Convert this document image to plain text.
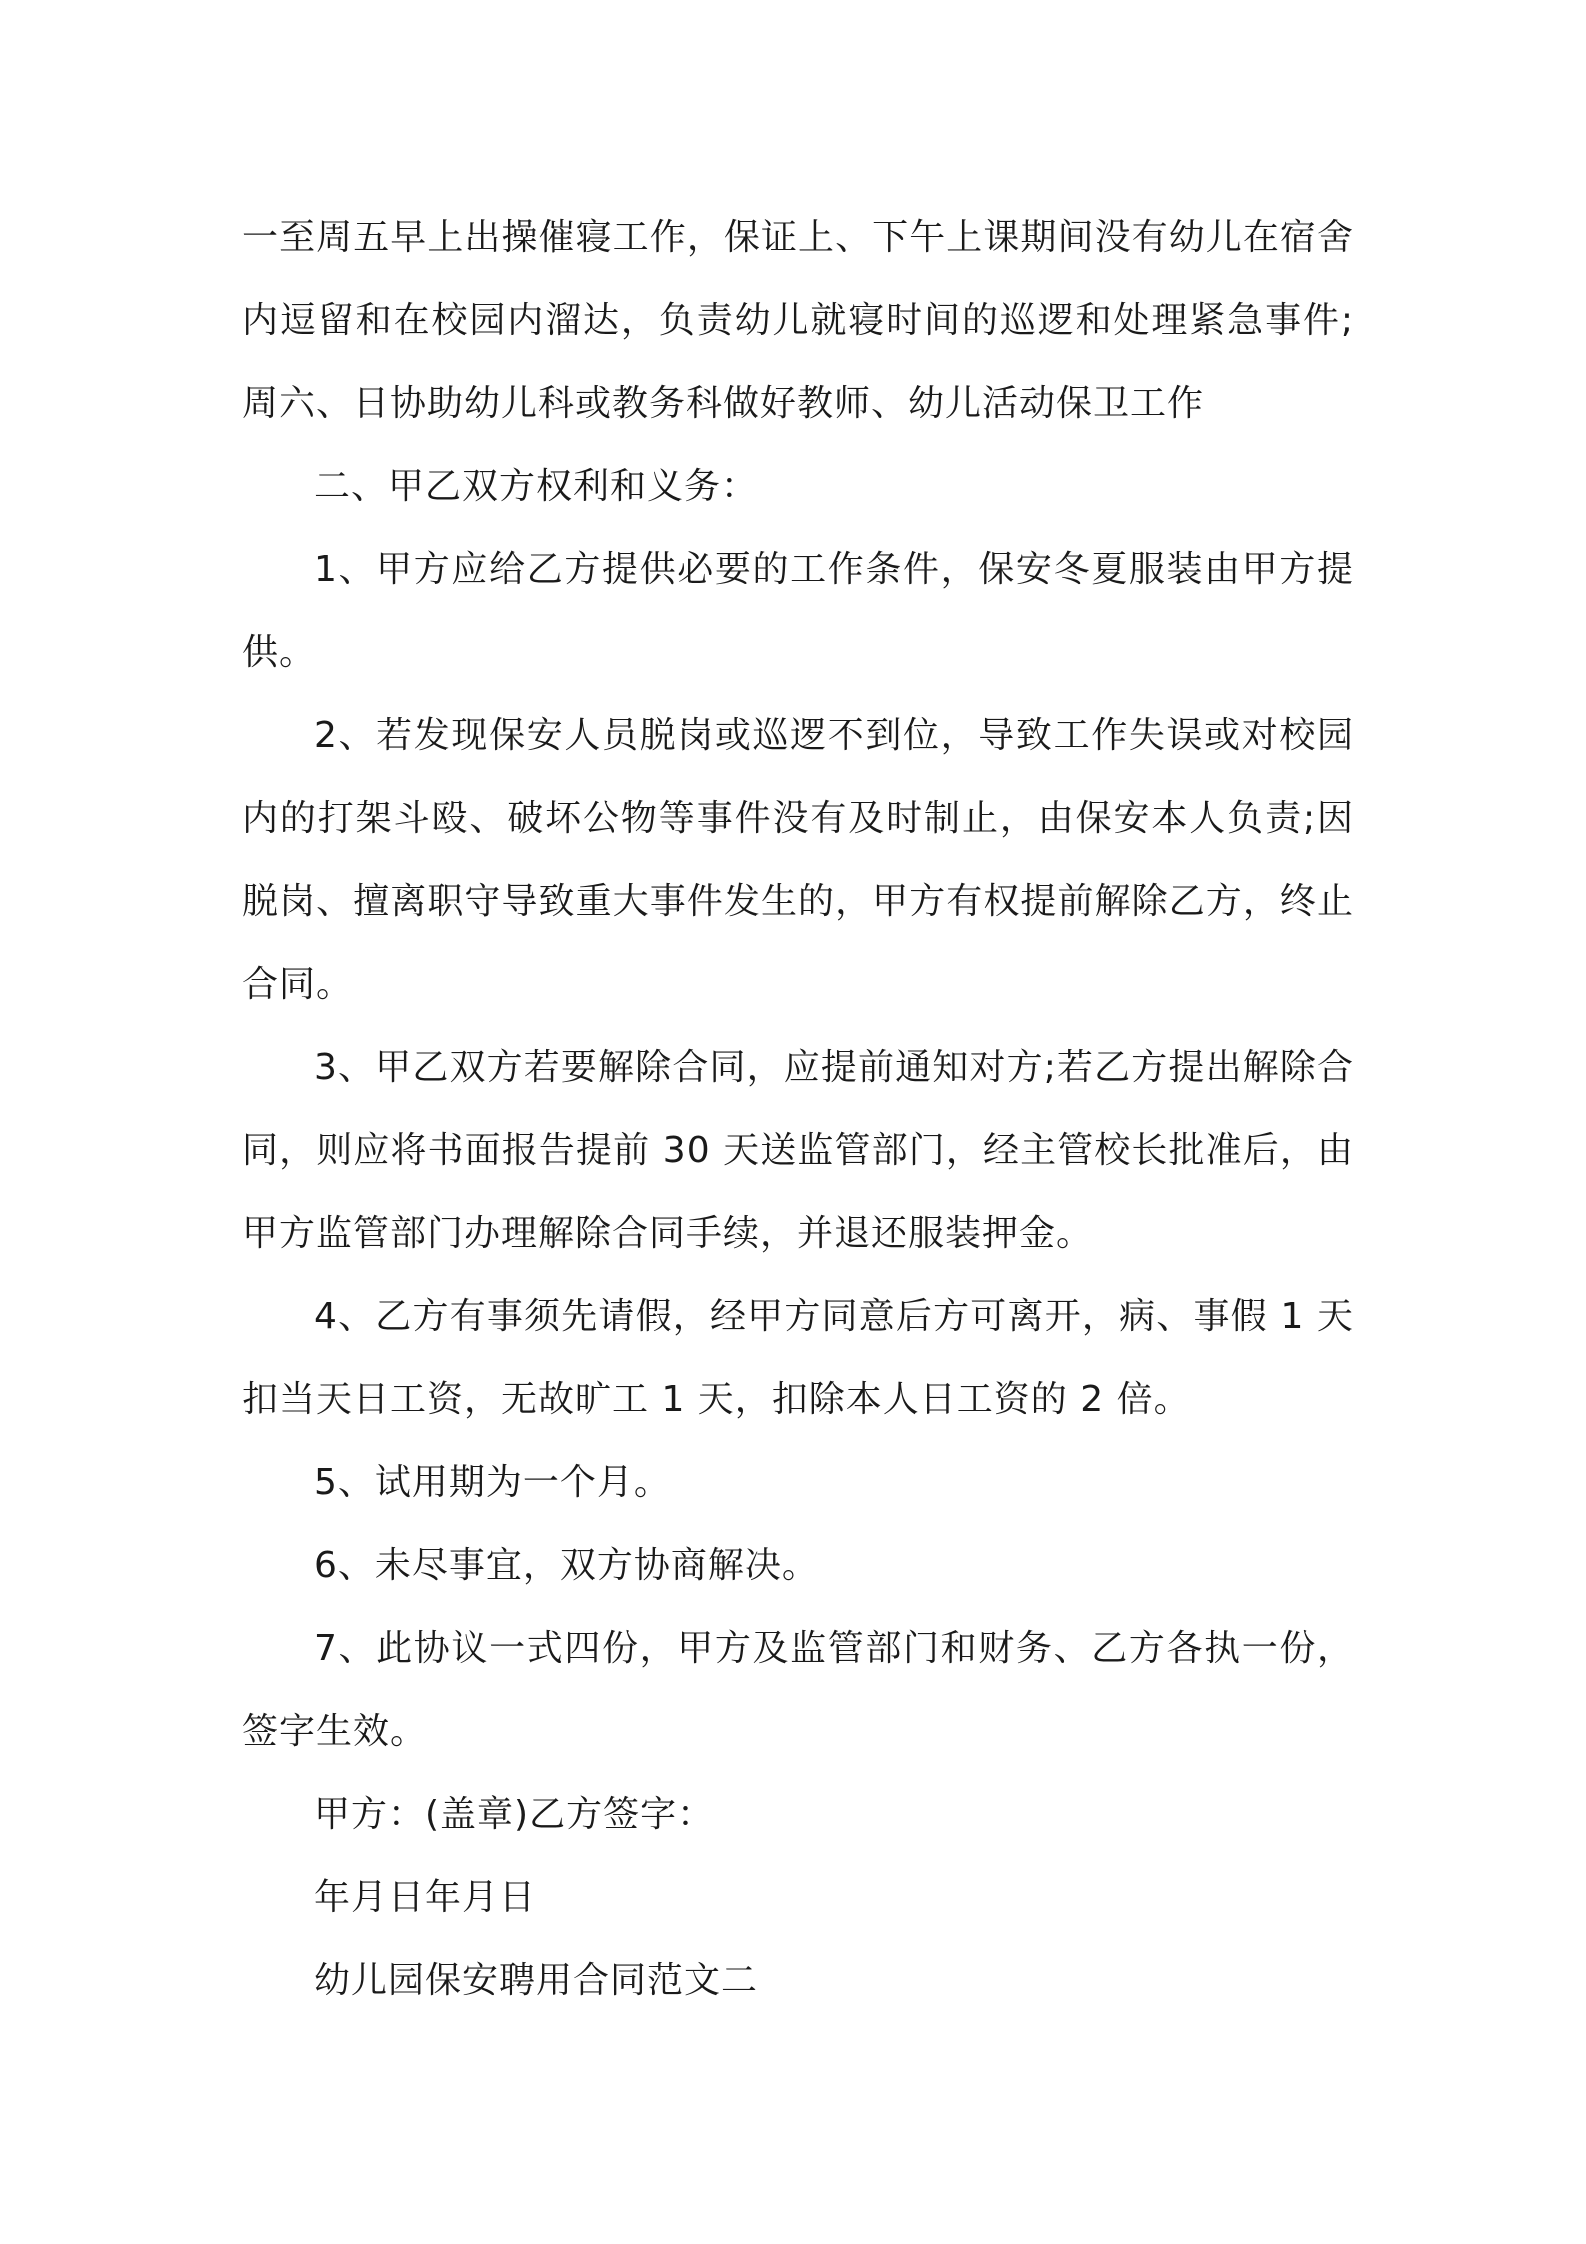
一至周五早上出操催寝工作，保证上、下午上课期间没有幼儿在宿舍内逗留和在校园内溜达，负责幼儿就寝时间的巡逻和处理紧急事件;周六、日协助幼儿科或教务科做好教师、幼儿活动保卫工作

二、甲乙双方权利和义务：

1、甲方应给乙方提供必要的工作条件，保安冬夏服装由甲方提供。

2、若发现保安人员脱岗或巡逻不到位，导致工作失误或对校园内的打架斗殴、破坏公物等事件没有及时制止，由保安本人负责;因脱岗、擅离职守导致重大事件发生的，甲方有权提前解除乙方，终止合同。

3、甲乙双方若要解除合同，应提前通知对方;若乙方提出解除合同，则应将书面报告提前 30 天送监管部门，经主管校长批准后，由甲方监管部门办理解除合同手续，并退还服装押金。

4、乙方有事须先请假，经甲方同意后方可离开，病、事假 1 天扣当天日工资，无故旷工 1 天，扣除本人日工资的 2 倍。

5、试用期为一个月。

6、未尽事宜，双方协商解决。

7、此协议一式四份，甲方及监管部门和财务、乙方各执一份，签字生效。

甲方：(盖章)乙方签字：

年月日年月日

幼儿园保安聘用合同范文二
